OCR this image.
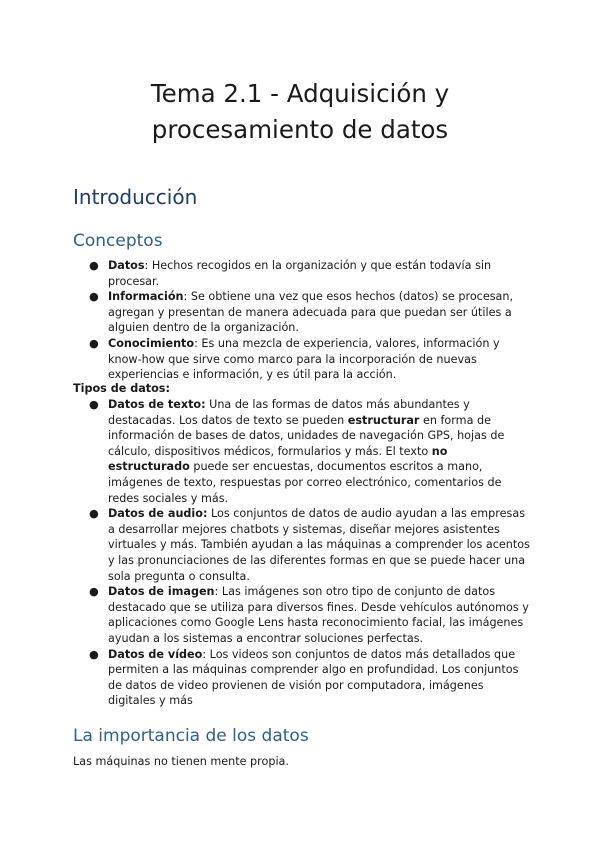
Tema 2.1 - Adquisición y
procesamiento de datos
Introducción
Conceptos
● Datos: Hechos recogidos en la organización y que están todavía sin procesar.
● Información: Se obtiene una vez que esos hechos (datos) se procesan, agregan y presentan de manera adecuada para que puedan ser útiles a alguien dentro de la organización.
● Conocimiento: Es una mezcla de experiencia, valores, información y know-how que sirve como marco para la incorporación de nuevas experiencias e información, y es útil para la acción.
Tipos de datos:
● Datos de texto: Una de las formas de datos más abundantes y destacadas. Los datos de texto se pueden estructurar en forma de información de bases de datos, unidades de navegación GPS, hojas de cálculo, dispositivos médicos, formularios y más. El texto no estructurado puede ser encuestas, documentos escritos a mano, imágenes de texto, respuestas por correo electrónico, comentarios de redes sociales y más.
● Datos de audio: Los conjuntos de datos de audio ayudan a las empresas a desarrollar mejores chatbots y sistemas, diseñar mejores asistentes virtuales y más. También ayudan a las máquinas a comprender los acentos y las pronunciaciones de las diferentes formas en que se puede hacer una sola pregunta o consulta.
● Datos de imagen: Las imágenes son otro tipo de conjunto de datos destacado que se utiliza para diversos fines. Desde vehículos autónomos y aplicaciones como Google Lens hasta reconocimiento facial, las imágenes ayudan a los sistemas a encontrar soluciones perfectas.
● Datos de vídeo: Los videos son conjuntos de datos más detallados que permiten a las máquinas comprender algo en profundidad. Los conjuntos de datos de video provienen de visión por computadora, imágenes digitales y más
La importancia de los datos

Las máquinas no tienen mente propia.
